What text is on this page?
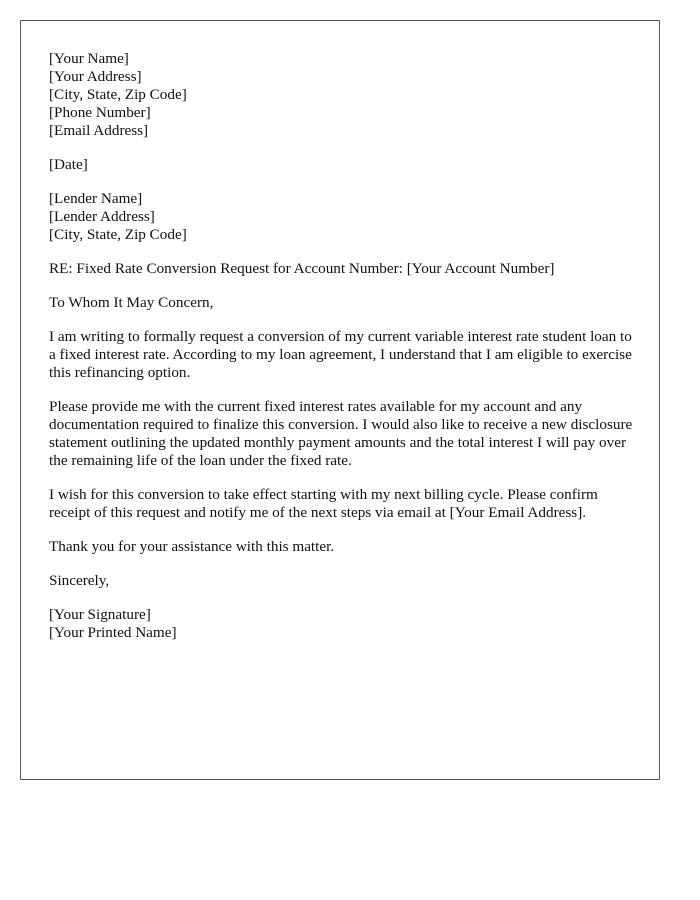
[Your Name]
[Your Address]
[City, State, Zip Code]
[Phone Number]
[Email Address]
[Date]
[Lender Name]
[Lender Address]
[City, State, Zip Code]

RE: Fixed Rate Conversion Request for Account Number: [Your Account Number]

To Whom It May Concern,

I am writing to formally request a conversion of my current variable interest rate student loan to a fixed interest rate. According to my loan agreement, I understand that I am eligible to exercise this refinancing option.

Please provide me with the current fixed interest rates available for my account and any documentation required to finalize this conversion. I would also like to receive a new disclosure statement outlining the updated monthly payment amounts and the total interest I will pay over the remaining life of the loan under the fixed rate.

I wish for this conversion to take effect starting with my next billing cycle. Please confirm receipt of this request and notify me of the next steps via email at [Your Email Address].

Thank you for your assistance with this matter.

Sincerely,

[Your Signature]
[Your Printed Name]
